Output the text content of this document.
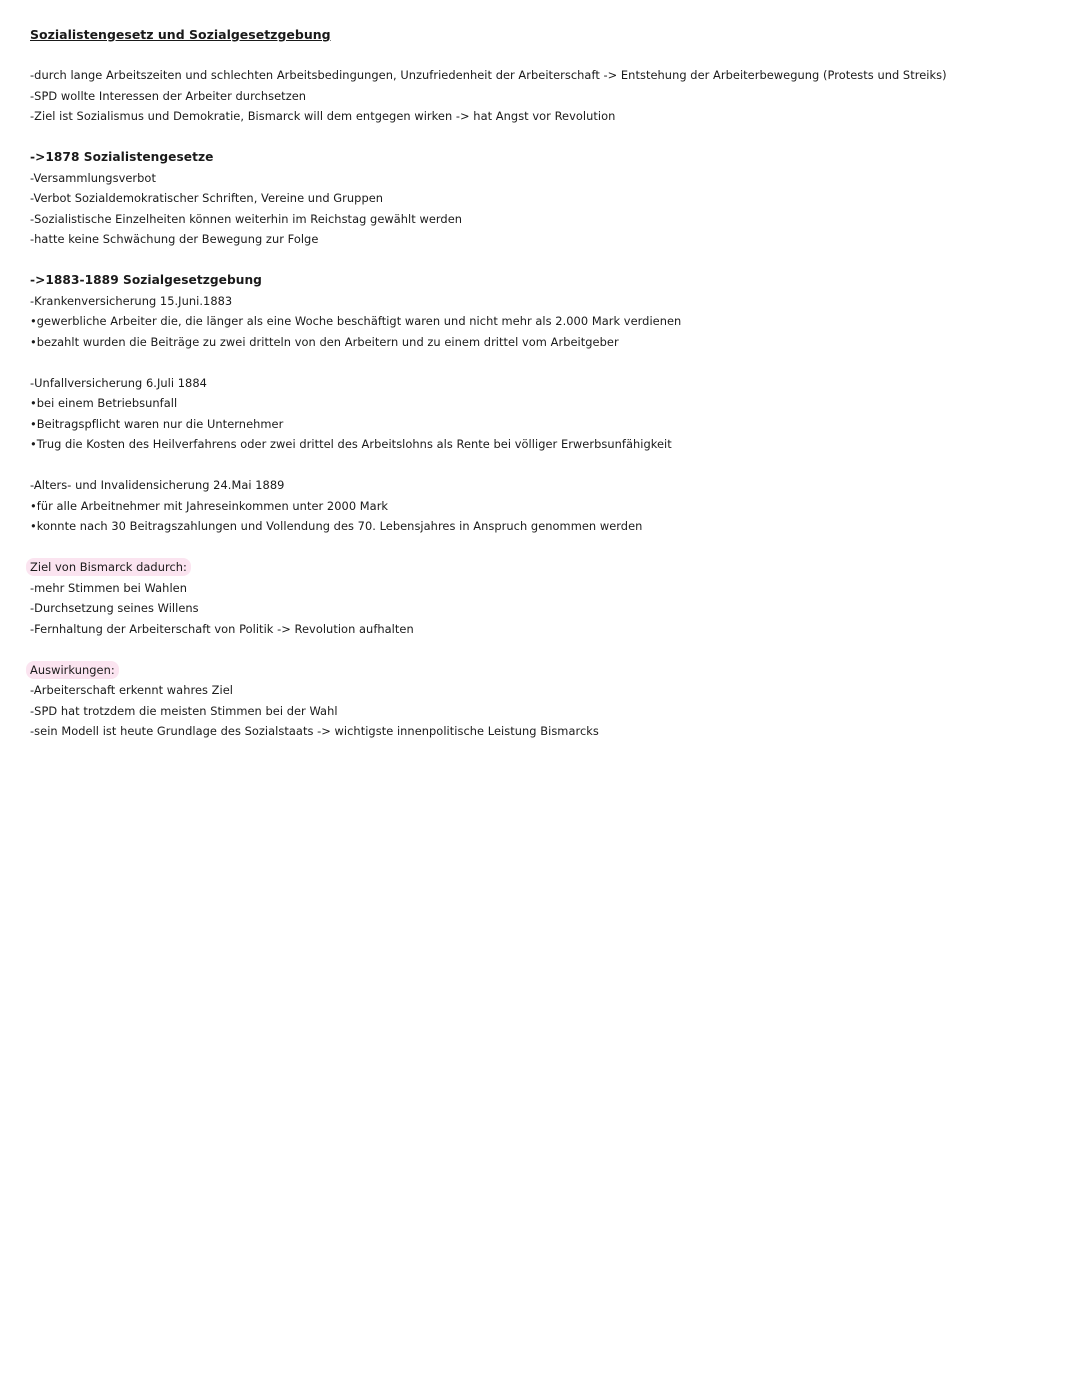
Sozialistengesetz und Sozialgesetzgebung
-durch lange Arbeitszeiten und schlechten Arbeitsbedingungen, Unzufriedenheit der Arbeiterschaft -> Entstehung der Arbeiterbewegung (Protests und Streiks)
-SPD wollte Interessen der Arbeiter durchsetzen
-Ziel ist Sozialismus und Demokratie, Bismarck will dem entgegen wirken -> hat Angst vor Revolution
->1878 Sozialistengesetze
-Versammlungsverbot
-Verbot Sozialdemokratischer Schriften, Vereine und Gruppen
-Sozialistische Einzelheiten können weiterhin im Reichstag gewählt werden
-hatte keine Schwächung der Bewegung zur Folge
->1883-1889 Sozialgesetzgebung
-Krankenversicherung 15.Juni.1883
•gewerbliche Arbeiter die, die länger als eine Woche beschäftigt waren und nicht mehr als 2.000 Mark verdienen
•bezahlt wurden die Beiträge zu zwei dritteln von den Arbeitern und zu einem drittel vom Arbeitgeber
-Unfallversicherung 6.Juli 1884
•bei einem Betriebsunfall
•Beitragspflicht waren nur die Unternehmer
•Trug die Kosten des Heilverfahrens oder zwei drittel des Arbeitslohns als Rente bei völliger Erwerbsunfähigkeit
-Alters- und Invalidensicherung 24.Mai 1889
•für alle Arbeitnehmer mit Jahreseinkommen unter 2000 Mark
•konnte nach 30 Beitragszahlungen und Vollendung des 70. Lebensjahres in Anspruch genommen werden
Ziel von Bismarck dadurch:
-mehr Stimmen bei Wahlen
-Durchsetzung seines Willens
-Fernhaltung der Arbeiterschaft von Politik -> Revolution aufhalten
Auswirkungen:
-Arbeiterschaft erkennt wahres Ziel
-SPD hat trotzdem die meisten Stimmen bei der Wahl
-sein Modell ist heute Grundlage des Sozialstaats -> wichtigste innenpolitische Leistung Bismarcks
